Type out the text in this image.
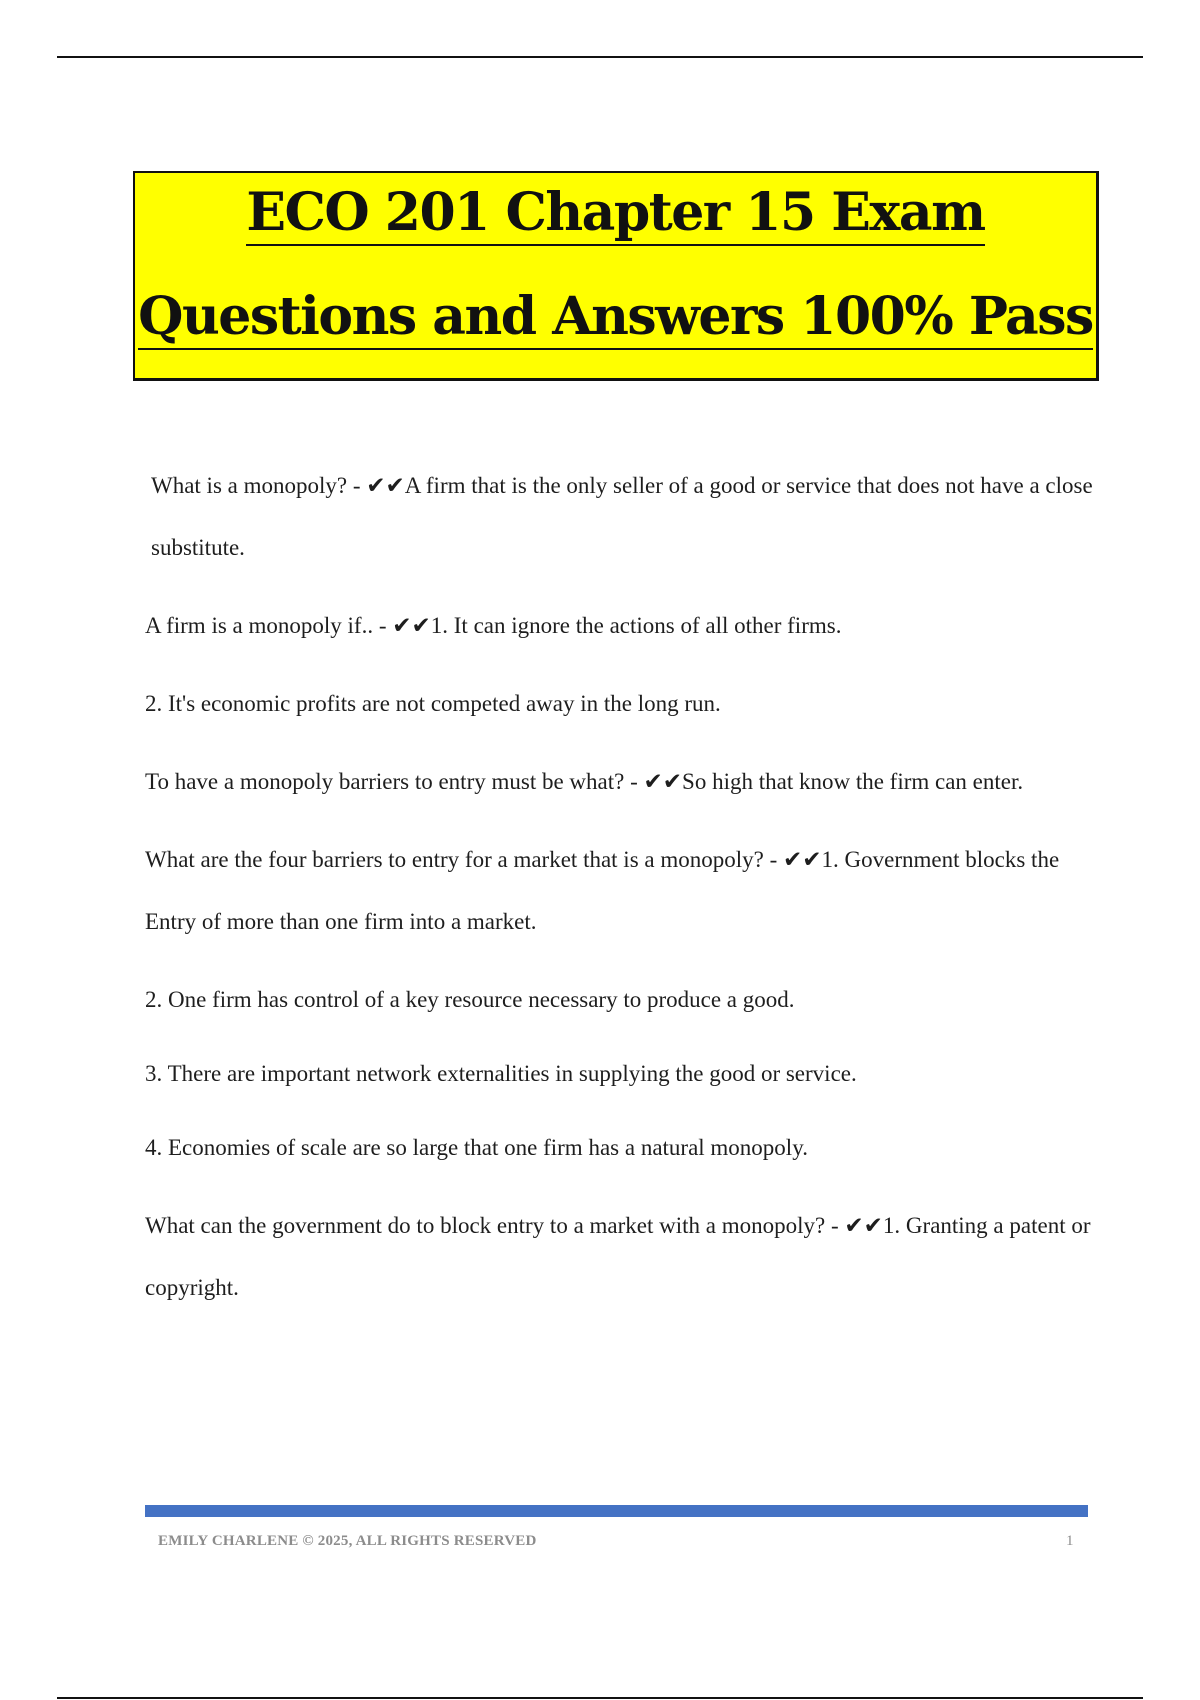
ECO 201 Chapter 15 Exam

Questions and Answers 100% Pass

What is a monopoly? - ✔✔A firm that is the only seller of a good or service that does not have a close substitute.

A firm is a monopoly if.. - ✔✔1. It can ignore the actions of all other firms.

2. It's economic profits are not competed away in the long run.

To have a monopoly barriers to entry must be what? - ✔✔So high that know the firm can enter.

What are the four barriers to entry for a market that is a monopoly? - ✔✔1. Government blocks the Entry of more than one firm into a market.

2. One firm has control of a key resource necessary to produce a good.

3. There are important network externalities in supplying the good or service.

4. Economies of scale are so large that one firm has a natural monopoly.

What can the government do to block entry to a market with a monopoly? - ✔✔1. Granting a patent or copyright.

EMILY CHARLENE © 2025, ALL RIGHTS RESERVED	1
